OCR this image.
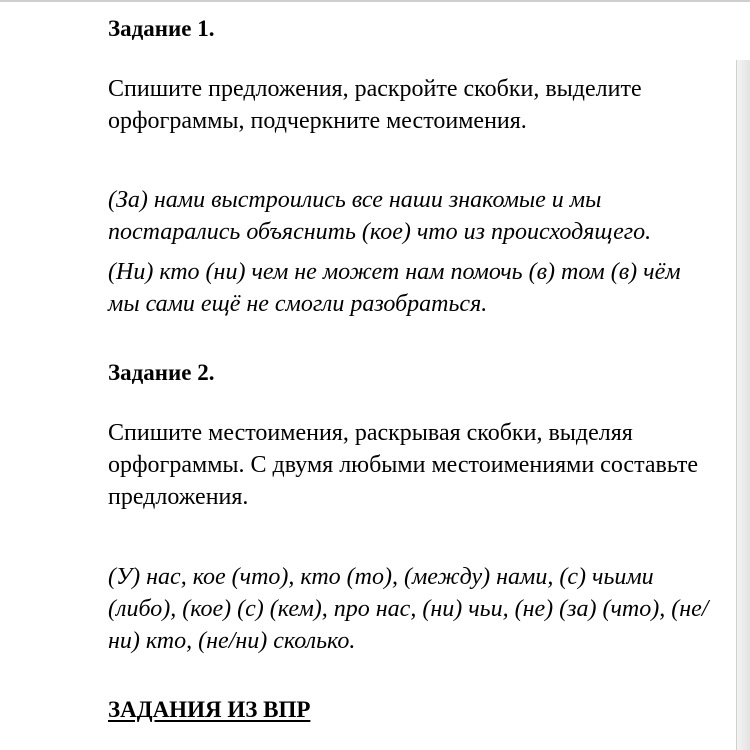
Задание 1.

Спишите предложения, раскройте скобки, выделите орфограммы, подчеркните местоимения.

(За) нами выстроились все наши знакомые и мы постарались объяснить (кое) что из происходящего.

(Ни) кто (ни) чем не может нам помочь (в) том (в) чём мы сами ещё не смогли разобраться.

Задание 2.

Спишите местоимения, раскрывая скобки, выделяя орфограммы. С двумя любыми местоимениями составьте предложения.

(У) нас, кое (что), кто (то), (между) нами, (с) чьими (либо), (кое) (с) (кем), про нас, (ни) чьи, (не) (за) (что), (не/ни) кто, (не/ни) сколько.

ЗАДАНИЯ ИЗ ВПР
